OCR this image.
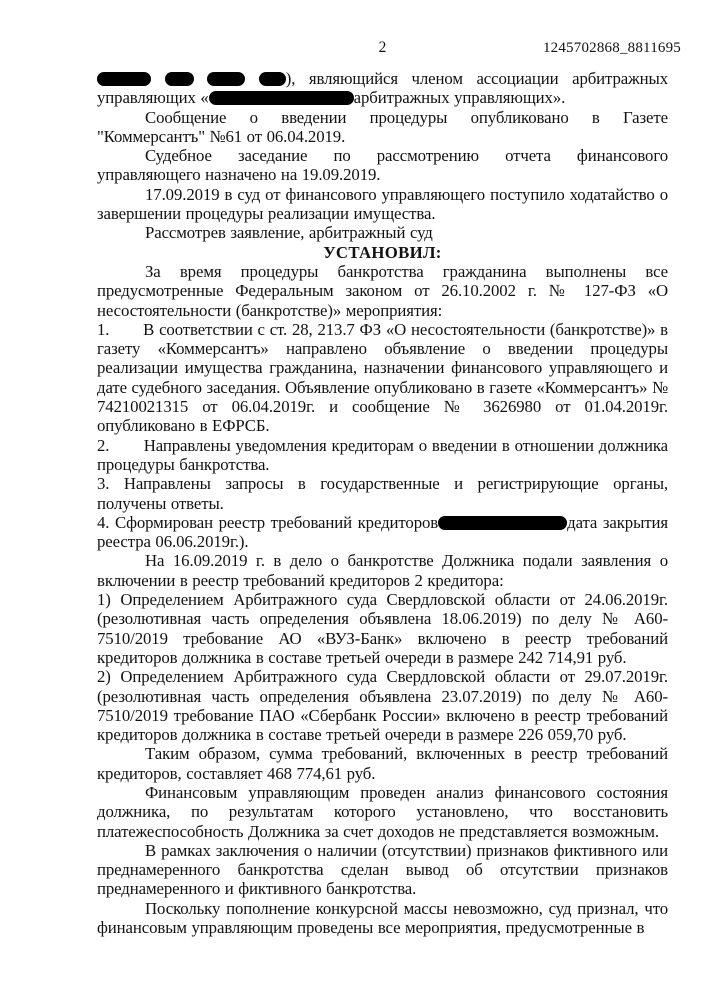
2	1245702868_8811695

), являющийся членом ассоциации арбитражных управляющих «	арбитражных управляющих».

Сообщение о введении процедуры опубликовано в Газете "Коммерсантъ" №61 от 06.04.2019.

Судебное заседание по рассмотрению отчета финансового управляющего назначено на 19.09.2019.

17.09.2019 в суд от финансового управляющего поступило ходатайство о завершении процедуры реализации имущества.

Рассмотрев заявление, арбитражный суд

УСТАНОВИЛ:

За время процедуры банкротства гражданина выполнены все предусмотренные Федеральным законом от 26.10.2002 г. № 127-ФЗ «О несостоятельности (банкротстве)» мероприятия:

1.       В соответствии с ст. 28, 213.7 ФЗ «О несостоятельности (банкротстве)» в газету «Коммерсантъ» направлено объявление о введении процедуры реализации имущества гражданина, назначении финансового управляющего и дате судебного заседания. Объявление опубликовано в газете «Коммерсантъ» № 74210021315 от 06.04.2019г. и сообщение № 3626980 от 01.04.2019г. опубликовано в ЕФРСБ.

2.       Направлены уведомления кредиторам о введении в отношении должника процедуры банкротства.

3. Направлены запросы в государственные и регистрирующие органы, получены ответы.

4. Сформирован реестр требований кредиторов	дата закрытия реестра 06.06.2019г.).

На 16.09.2019 г. в дело о банкротстве Должника подали заявления о включении в реестр требований кредиторов 2 кредитора:

1) Определением Арбитражного суда Свердловской области от 24.06.2019г. (резолютивная часть определения объявлена 18.06.2019) по делу № А60-7510/2019 требование АО «ВУЗ-Банк» включено в реестр требований кредиторов должника в составе третьей очереди в размере 242 714,91 руб.

2) Определением Арбитражного суда Свердловской области от 29.07.2019г. (резолютивная часть определения объявлена 23.07.2019) по делу № А60-7510/2019 требование ПАО «Сбербанк России» включено в реестр требований кредиторов должника в составе третьей очереди в размере 226 059,70 руб.

Таким образом, сумма требований, включенных в реестр требований кредиторов, составляет 468 774,61 руб.

Финансовым управляющим проведен анализ финансового состояния должника, по результатам которого установлено, что восстановить платежеспособность Должника за счет доходов не представляется возможным.

В рамках заключения о наличии (отсутствии) признаков фиктивного или преднамеренного банкротства сделан вывод об отсутствии признаков преднамеренного и фиктивного банкротства.

Поскольку пополнение конкурсной массы невозможно, суд признал, что финансовым управляющим проведены все мероприятия, предусмотренные в
